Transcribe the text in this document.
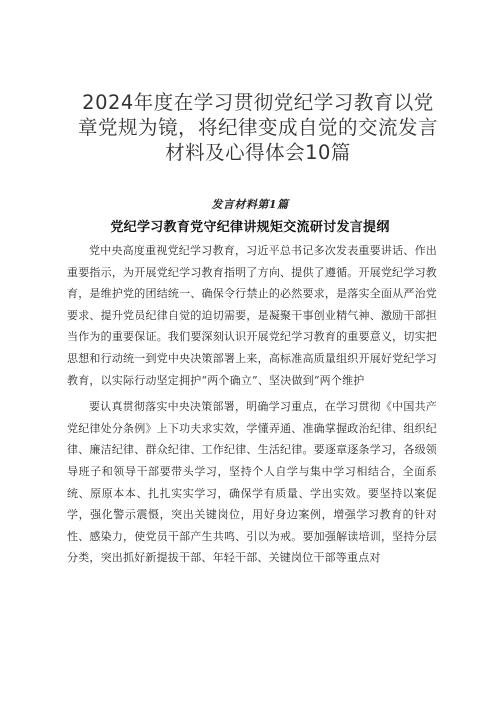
2024年度在学习贯彻党纪学习教育以党章党规为镜，将纪律变成自觉的交流发言材料及心得体会10篇
发言材料第1篇
党纪学习教育党守纪律讲规矩交流研讨发言提纲

党中央高度重视党纪学习教育，习近平总书记多次发表重要讲话、作出重要指示，为开展党纪学习教育指明了方向、提供了遵循。开展党纪学习教育，是维护党的团结统一、确保令行禁止的必然要求，是落实全面从严治党要求、提升党员纪律自觉的迫切需要，是凝聚干事创业精气神、激励干部担当作为的重要保证。我们要深刻认识开展党纪学习教育的重要意义，切实把思想和行动统一到党中央决策部署上来，高标准高质量组织开展好党纪学习教育，以实际行动坚定拥护“两个确立”、坚决做到“两个维护

要认真贯彻落实中央决策部署，明确学习重点，在学习贯彻《中国共产党纪律处分条例》上下功夫求实效，学懂弄通、准确掌握政治纪律、组织纪律、廉洁纪律、群众纪律、工作纪律、生活纪律。要逐章逐条学习，各级领导班子和领导干部要带头学习，坚持个人自学与集中学习相结合，全面系统、原原本本、扎扎实实学习，确保学有质量、学出实效。要坚持以案促学，强化警示震慑，突出关键岗位，用好身边案例，增强学习教育的针对性、感染力，使党员干部产生共鸣、引以为戒。要加强解读培训，坚持分层分类，突出抓好新提拔干部、年轻干部、关键岗位干部等重点对
